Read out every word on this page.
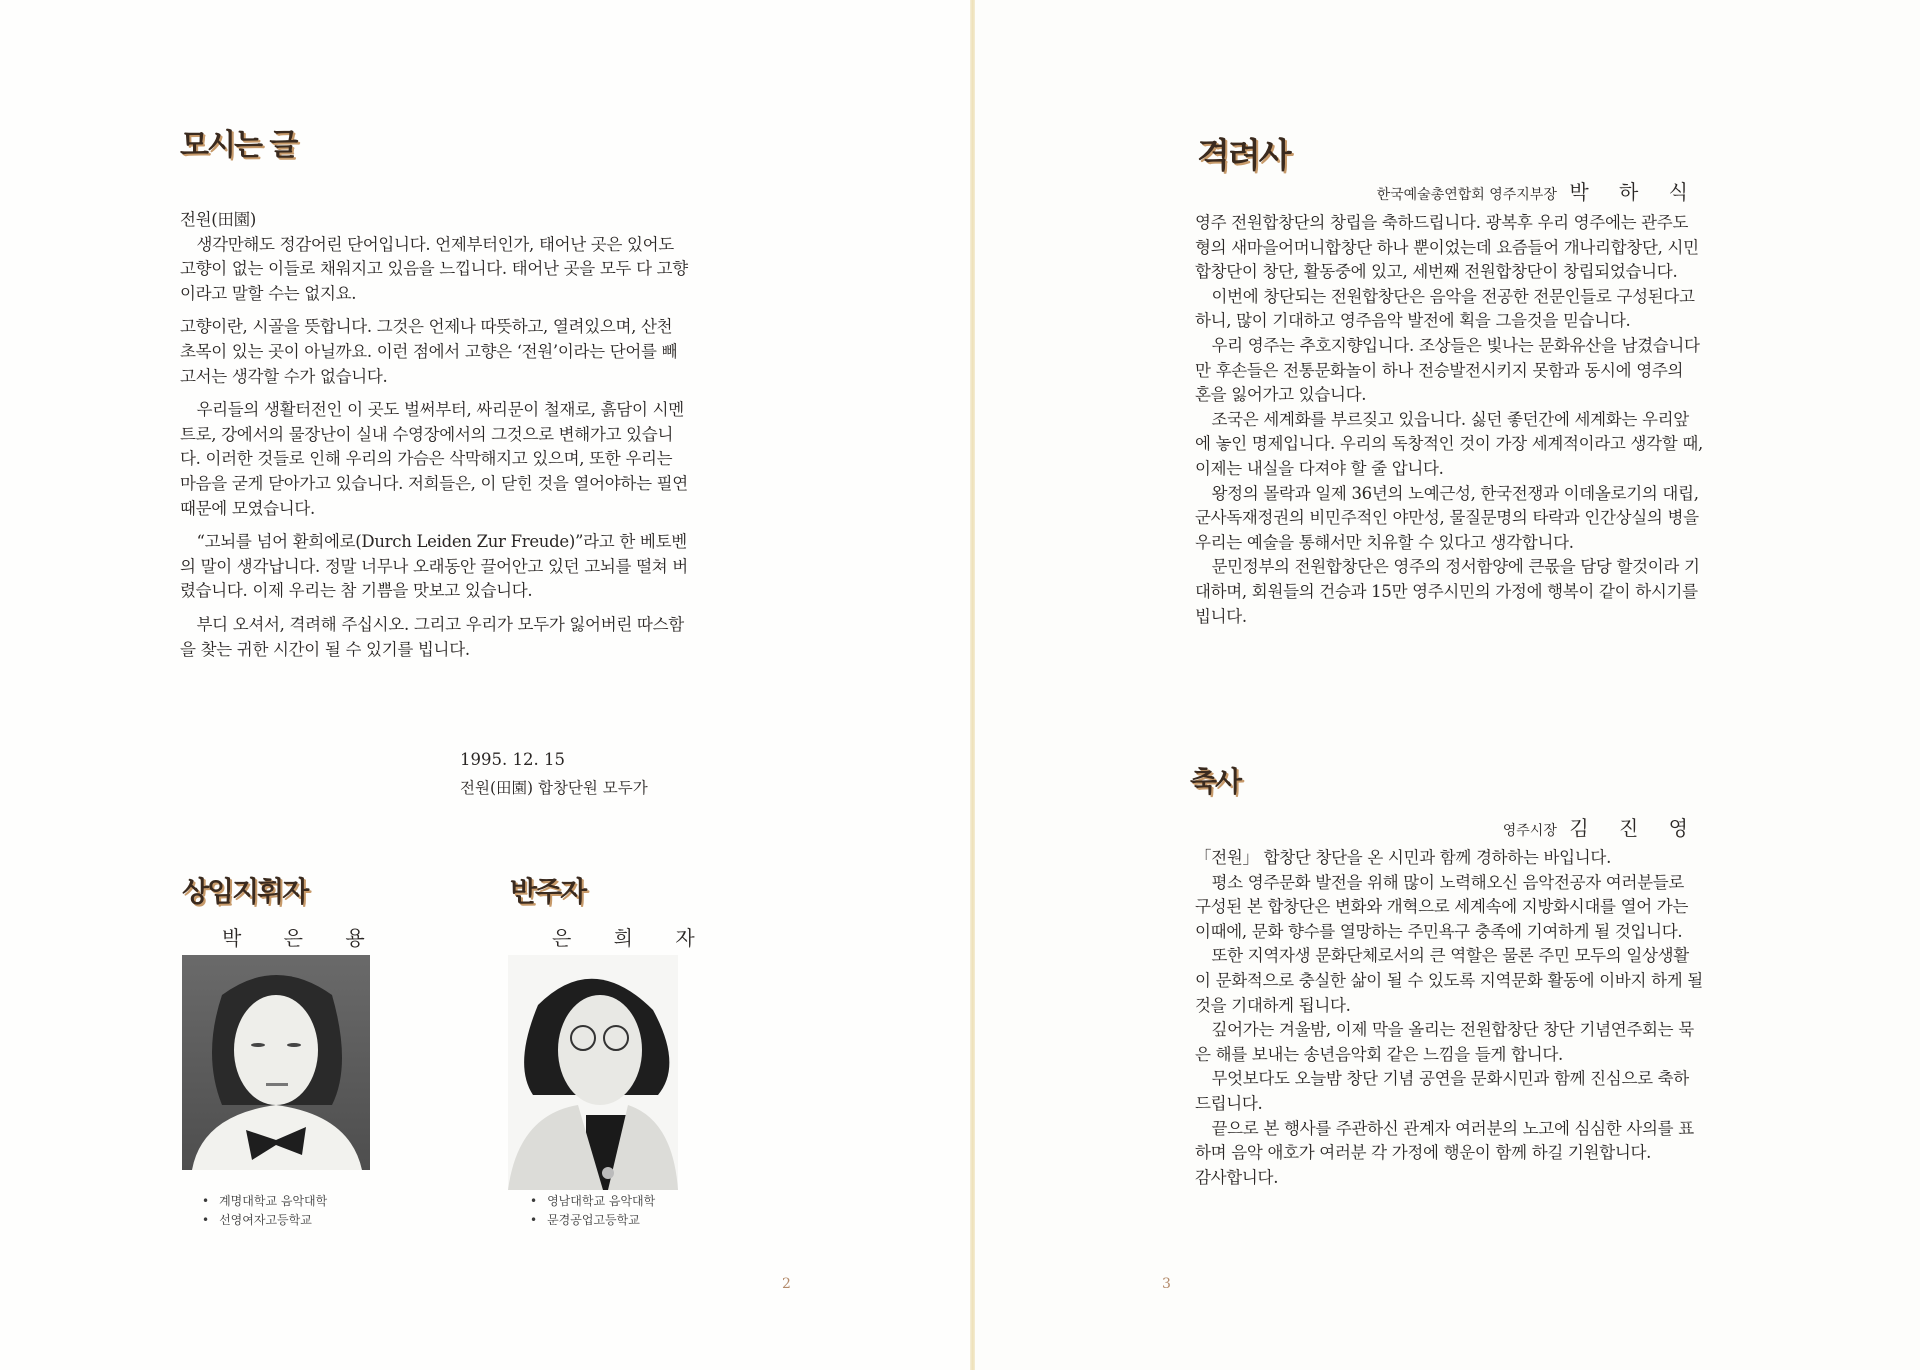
모시는 글

전원(田園)

생각만해도 정감어린 단어입니다. 언제부터인가, 태어난 곳은 있어도 고향이 없는 이들로 채워지고 있음을 느낍니다. 태어난 곳을 모두 다 고향이라고 말할 수는 없지요.

고향이란, 시골을 뜻합니다. 그것은 언제나 따뜻하고, 열려있으며, 산천 초목이 있는 곳이 아닐까요. 이런 점에서 고향은 ‘전원’이라는 단어를 빼고서는 생각할 수가 없습니다.

우리들의 생활터전인 이 곳도 벌써부터, 싸리문이 철재로, 흙담이 시멘트로, 강에서의 물장난이 실내 수영장에서의 그것으로 변해가고 있습니다. 이러한 것들로 인해 우리의 가슴은 삭막해지고 있으며, 또한 우리는 마음을 굳게 닫아가고 있습니다. 저희들은, 이 닫힌 것을 열어야하는 필연때문에 모였습니다.

“고뇌를 넘어 환희에로(Durch Leiden Zur Freude)”라고 한 베토벤의 말이 생각납니다. 정말 너무나 오래동안 끌어안고 있던 고뇌를 떨쳐 버렸습니다. 이제 우리는 참 기쁨을 맛보고 있습니다.

부디 오셔서, 격려해 주십시오. 그리고 우리가 모두가 잃어버린 따스함을 찾는 귀한 시간이 될 수 있기를 빕니다.

1995. 12. 15
전원(田園) 합창단원 모두가
상임지휘자
박 은 용
• 계명대학교 음악대학
• 선영여자고등학교
반주자
은 희 자
• 영남대학교 음악대학
• 문경공업고등학교
2
격려사
한국예술총연합회 영주지부장 박 하 식

영주 전원합창단의 창립을 축하드립니다. 광복후 우리 영주에는 관주도형의 새마을어머니합창단 하나 뿐이었는데 요즘들어 개나리합창단, 시민합창단이 창단, 활동중에 있고, 세번째 전원합창단이 창립되었습니다.

이번에 창단되는 전원합창단은 음악을 전공한 전문인들로 구성된다고 하니, 많이 기대하고 영주음악 발전에 획을 그을것을 믿습니다.

우리 영주는 추호지향입니다. 조상들은 빛나는 문화유산을 남겼습니다만 후손들은 전통문화놀이 하나 전승발전시키지 못함과 동시에 영주의 혼을 잃어가고 있습니다.

조국은 세계화를 부르짖고 있읍니다. 싫던 좋던간에 세계화는 우리앞에 놓인 명제입니다. 우리의 독창적인 것이 가장 세계적이라고 생각할 때, 이제는 내실을 다져야 할 줄 압니다.

왕정의 몰락과 일제 36년의 노예근성, 한국전쟁과 이데올로기의 대립, 군사독재정권의 비민주적인 야만성, 물질문명의 타락과 인간상실의 병을 우리는 예술을 통해서만 치유할 수 있다고 생각합니다.

문민정부의 전원합창단은 영주의 정서함양에 큰몫을 담당 할것이라 기대하며, 회원들의 건승과 15만 영주시민의 가정에 행복이 같이 하시기를 빕니다.

축사
영주시장 김 진 영

「전원」 합창단 창단을 온 시민과 함께 경하하는 바입니다.

평소 영주문화 발전을 위해 많이 노력해오신 음악전공자 여러분들로 구성된 본 합창단은 변화와 개혁으로 세계속에 지방화시대를 열어 가는 이때에, 문화 향수를 열망하는 주민욕구 충족에 기여하게 될 것입니다.

또한 지역자생 문화단체로서의 큰 역할은 물론 주민 모두의 일상생활이 문화적으로 충실한 삶이 될 수 있도록 지역문화 활동에 이바지 하게 될 것을 기대하게 됩니다.

깊어가는 겨울밤, 이제 막을 올리는 전원합창단 창단 기념연주회는 묵은 해를 보내는 송년음악회 같은 느낌을 들게 합니다.

무엇보다도 오늘밤 창단 기념 공연을 문화시민과 함께 진심으로 축하드립니다.

끝으로 본 행사를 주관하신 관계자 여러분의 노고에 심심한 사의를 표하며 음악 애호가 여러분 각 가정에 행운이 함께 하길 기원합니다.

감사합니다.

3
